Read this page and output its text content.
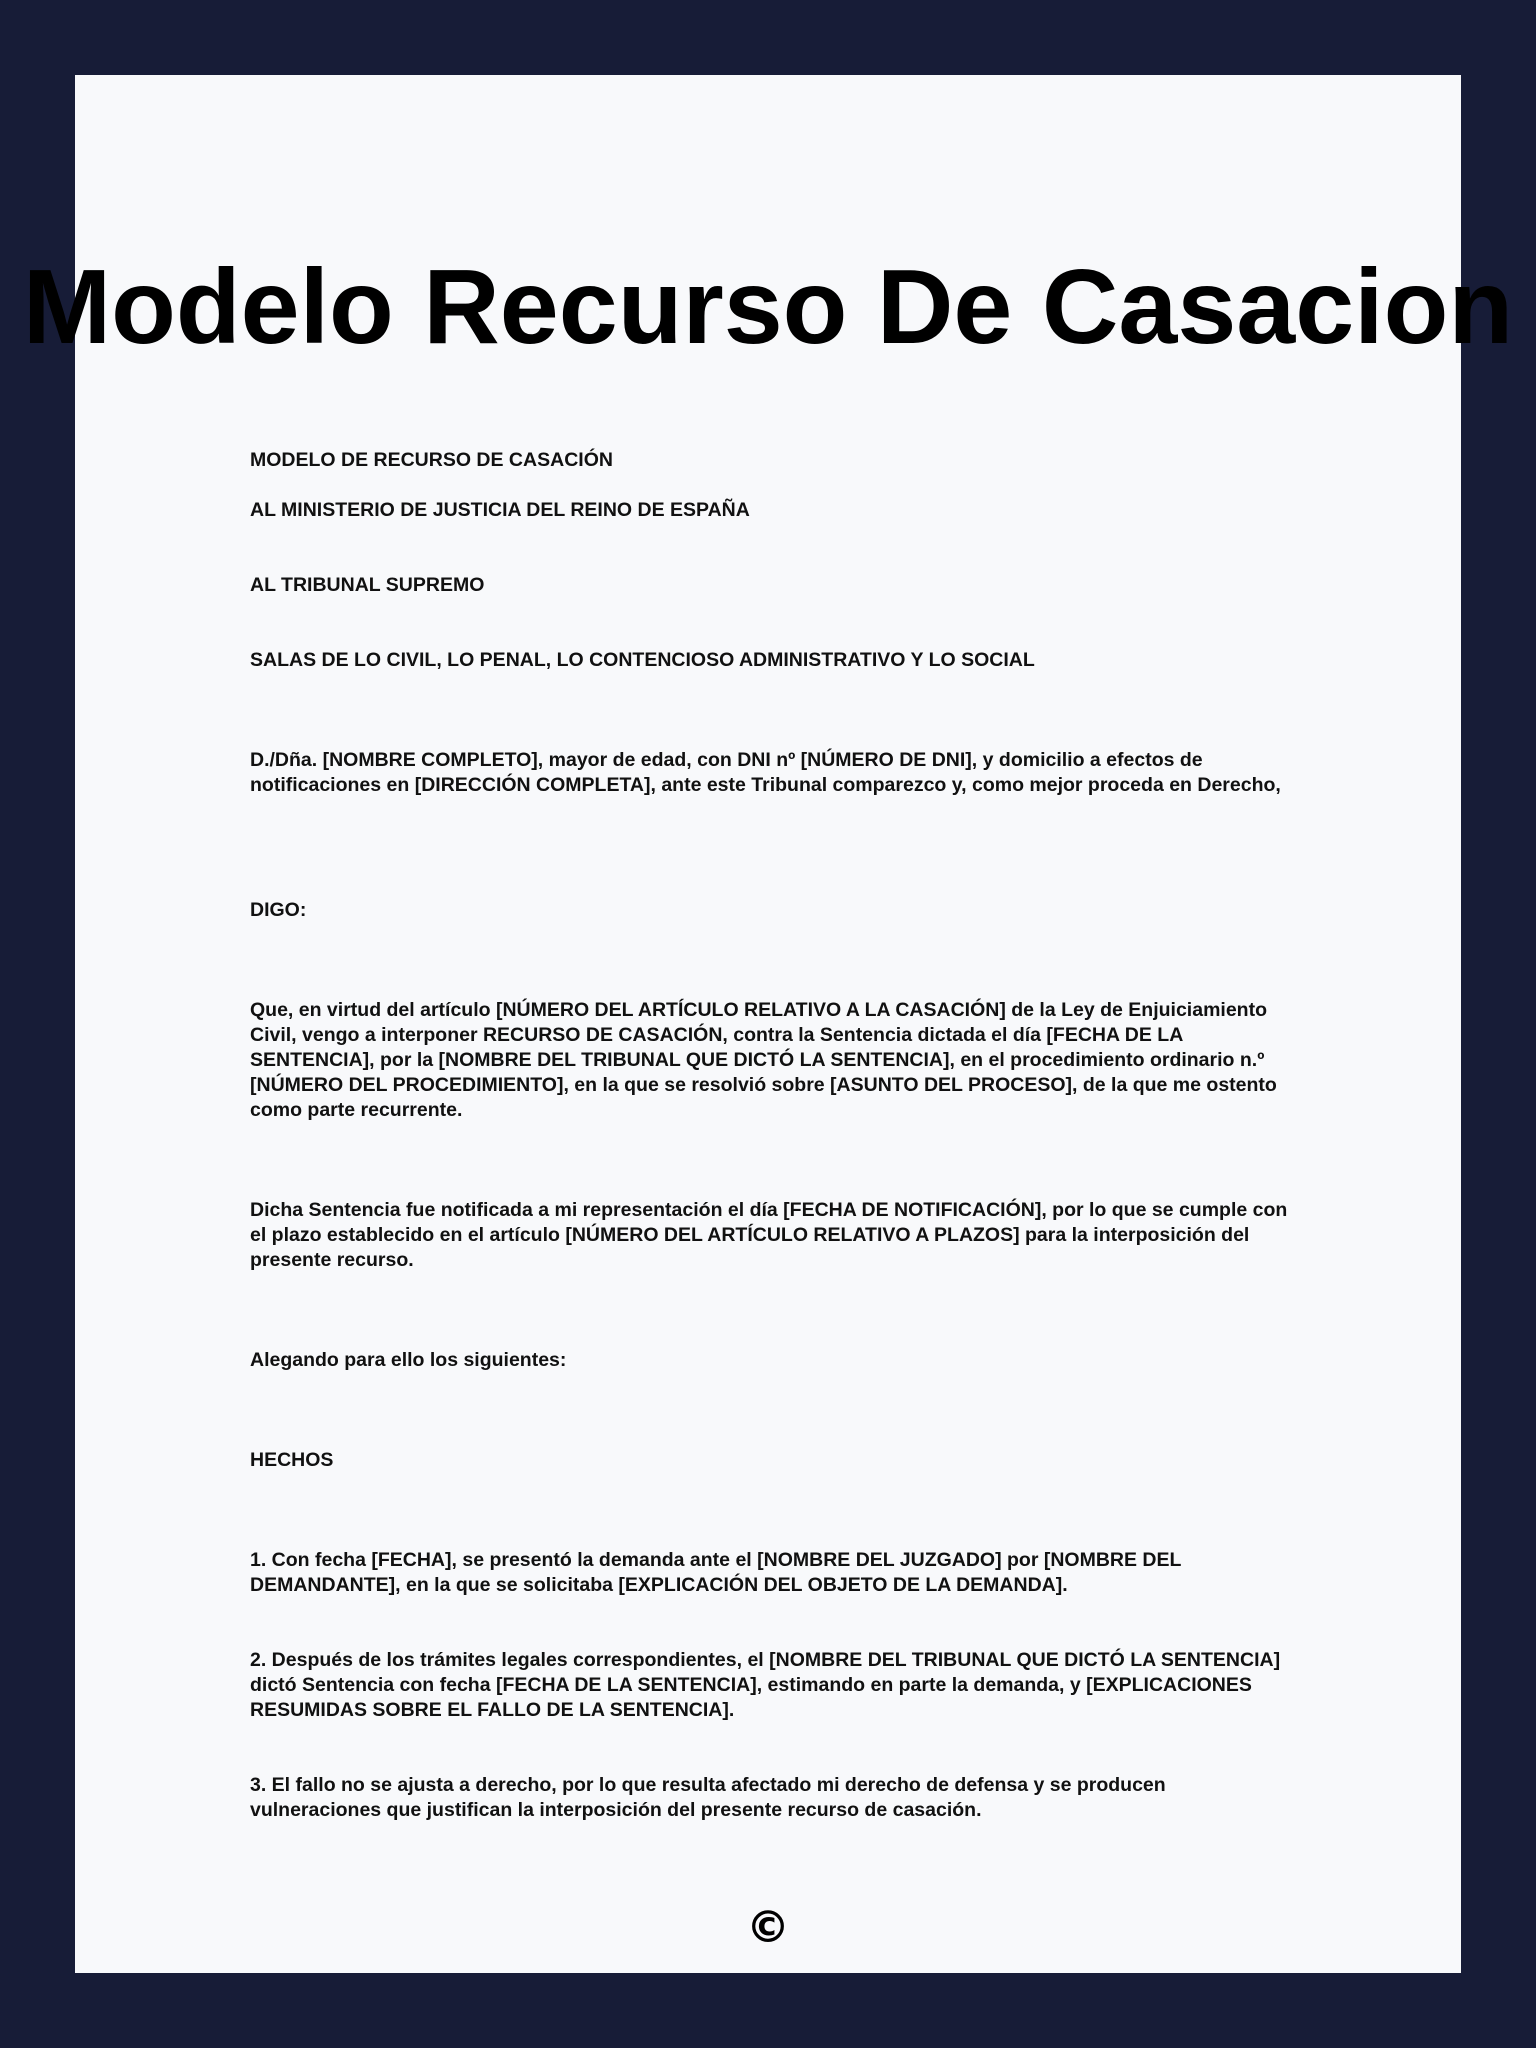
Modelo Recurso De Casacion

MODELO DE RECURSO DE CASACIÓN

AL MINISTERIO DE JUSTICIA DEL REINO DE ESPAÑA

AL TRIBUNAL SUPREMO

SALAS DE LO CIVIL, LO PENAL, LO CONTENCIOSO ADMINISTRATIVO Y LO SOCIAL

D./Dña. [NOMBRE COMPLETO], mayor de edad, con DNI nº [NÚMERO DE DNI], y domicilio a efectos de notificaciones en [DIRECCIÓN COMPLETA], ante este Tribunal comparezco y, como mejor proceda en Derecho,

DIGO:

Que, en virtud del artículo [NÚMERO DEL ARTÍCULO RELATIVO A LA CASACIÓN] de la Ley de Enjuiciamiento Civil, vengo a interponer RECURSO DE CASACIÓN, contra la Sentencia dictada el día [FECHA DE LA SENTENCIA], por la [NOMBRE DEL TRIBUNAL QUE DICTÓ LA SENTENCIA], en el procedimiento ordinario n.º [NÚMERO DEL PROCEDIMIENTO], en la que se resolvió sobre [ASUNTO DEL PROCESO], de la que me ostento como parte recurrente.

Dicha Sentencia fue notificada a mi representación el día [FECHA DE NOTIFICACIÓN], por lo que se cumple con el plazo establecido en el artículo [NÚMERO DEL ARTÍCULO RELATIVO A PLAZOS] para la interposición del presente recurso.

Alegando para ello los siguientes:

HECHOS

1. Con fecha [FECHA], se presentó la demanda ante el [NOMBRE DEL JUZGADO] por [NOMBRE DEL DEMANDANTE], en la que se solicitaba [EXPLICACIÓN DEL OBJETO DE LA DEMANDA].

2. Después de los trámites legales correspondientes, el [NOMBRE DEL TRIBUNAL QUE DICTÓ LA SENTENCIA] dictó Sentencia con fecha [FECHA DE LA SENTENCIA], estimando en parte la demanda, y [EXPLICACIONES RESUMIDAS SOBRE EL FALLO DE LA SENTENCIA].

3. El fallo no se ajusta a derecho, por lo que resulta afectado mi derecho de defensa y se producen vulneraciones que justifican la interposición del presente recurso de casación.

©
